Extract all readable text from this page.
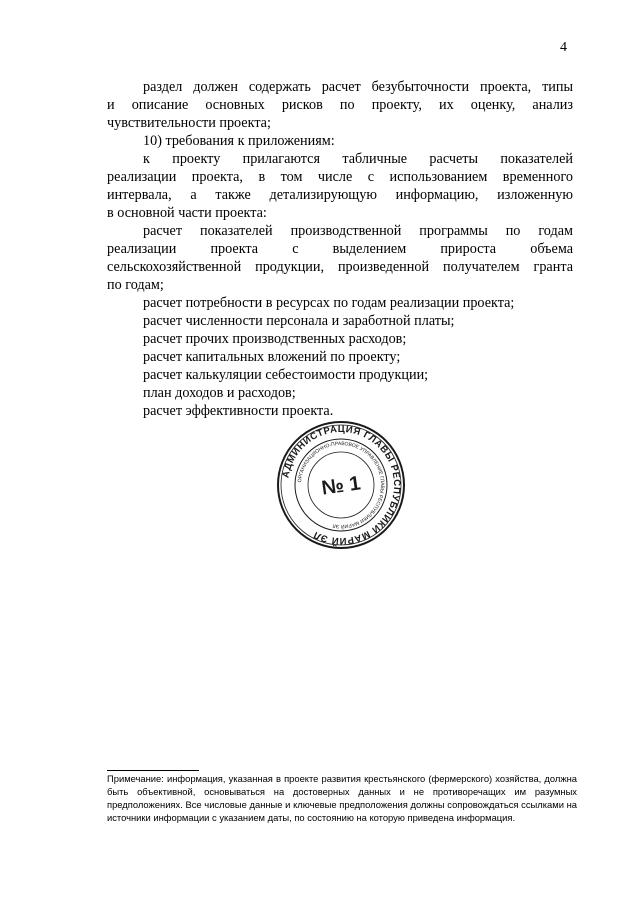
4

раздел должен содержать расчет безубыточности проекта, типы

и описание основных рисков по проекту, их оценку, анализ

чувствительности проекта;

10) требования к приложениям:

к проекту прилагаются табличные расчеты показателей

реализации проекта, в том числе с использованием временного

интервала, а также детализирующую информацию, изложенную

в основной части проекта:

расчет показателей производственной программы по годам

реализации проекта с выделением прироста объема

сельскохозяйственной продукции, произведенной получателем гранта

по годам;

расчет потребности в ресурсах по годам реализации проекта;

расчет численности персонала и заработной платы;

расчет прочих производственных расходов;

расчет капитальных вложений по проекту;

расчет калькуляции себестоимости продукции;

план доходов и расходов;

расчет эффективности проекта.

АДМИНИСТРАЦИЯ ГЛАВЫ РЕСПУБЛИКИ МАРИЙ ЭЛ
ОРГАНИЗАЦИОННО-ПРАВОВОЕ УПРАВЛЕНИЕ ГЛАВЫ РЕСПУБЛИКИ МАРИЙ ЭЛ
№ 1
Примечание: информация, указанная в проекте развития крестьянского (фермерского) хозяйства, должна быть объективной, основываться на достоверных данных и не противоречащих им разумных предположениях. Все числовые данные и ключевые предположения должны сопровождаться ссылками на источники информации с указанием даты, по состоянию на которую приведена информация.
